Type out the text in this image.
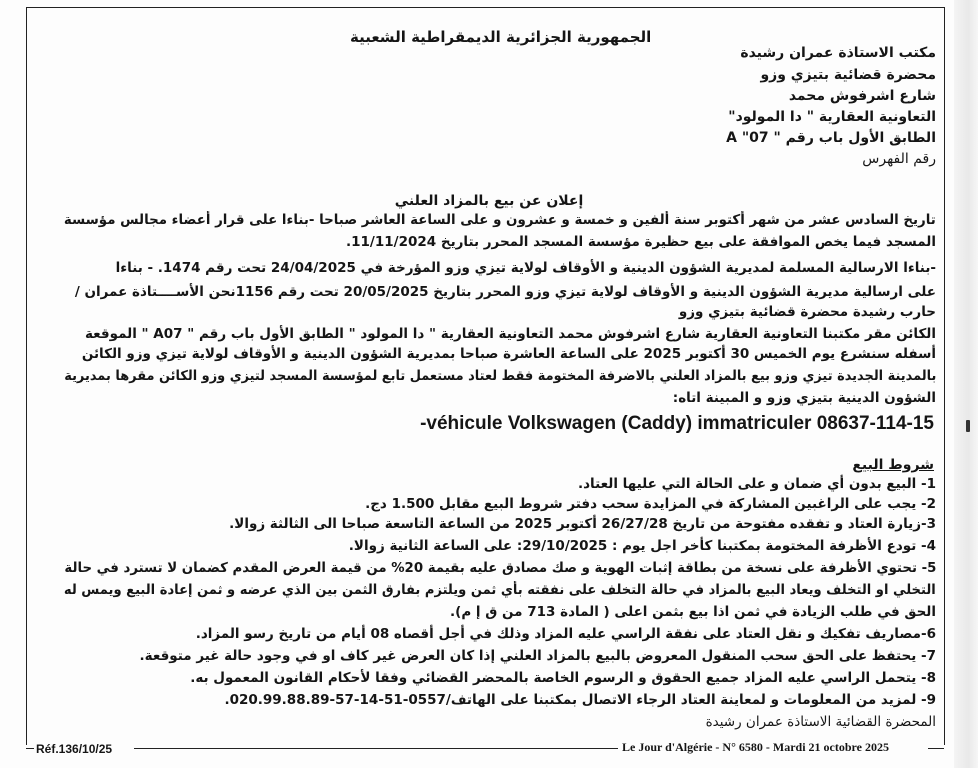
الجمهورية الجزائرية الديمقراطية الشعبية
مكتب الاستاذة عمران رشيدة
محضرة قضائية بتيزي وزو
شارع اشرفوش محمد
التعاونية العقارية " دا المولود"
الطابق الأول باب رقم " 07" A
رقم الفهرس
إعلان عن بيع بالمزاد العلني
تاريخ السادس عشر من شهر أكتوبر سنة ألفين و خمسة و عشرون و على الساعة العاشر صباحا -بناءا على قرار أعضاء مجالس مؤسسة
المسجد فيما يخص الموافقة على بيع حظيرة مؤسسة المسجد المحرر بتاريخ 11/11/2024.
-بناءا الارسالية المسلمة لمديرية الشؤون الدينية و الأوقاف لولاية تيزي وزو المؤرخة في 24/04/2025 تحت رقم 1474. - بناءا
على ارسالية مديرية الشؤون الدينية و الأوقاف لولاية تيزي وزو المحرر بتاريخ 20/05/2025 تحت رقم 1156نحن الأســــتاذة عمران /
حارب رشيدة محضرة قضائية بتيزي وزو
الكائن مقر مكتبنا التعاونية العقارية شارع اشرفوش محمد التعاونية العقارية " دا المولود " الطابق الأول باب رقم " A07 " الموقعة
أسفله سنشرع يوم الخميس 30 أكتوبر 2025 على الساعة العاشرة صباحا بمديرية الشؤون الدينية و الأوقاف لولاية تيزي وزو الكائن
بالمدينة الجديدة تيزي وزو بيع بالمزاد العلني بالاضرفة المختومة فقط لعتاد مستعمل تابع لمؤسسة المسجد لتيزي وزو الكائن مقرها بمديرية
الشؤون الدينية بتيزي وزو و المبينة اتاه:
-véhicule Volkswagen (Caddy) immatriculer 08637-114-15
شروط البيع
1- البيع بدون أي ضمان و على الحالة التي عليها العتاد.
2- يجب على الراغبين المشاركة في المزايدة سحب دفتر شروط البيع مقابل 1.500 دج.
3-زيارة العتاد و تفقده مفتوحة من تاريخ 26/27/28 أكتوبر 2025 من الساعة التاسعة صباحا الى الثالثة زوالا.
4- تودع الأظرفة المختومة بمكتبنا كأخر اجل يوم : 29/10/2025: على الساعة الثانية زوالا.
5- تحتوي الأظرفة على نسخة من بطاقة إثبات الهوية و صك مصادق عليه بقيمة 20% من قيمة العرض المقدم كضمان لا تسترد في حالة
التخلي او التخلف ويعاد البيع بالمزاد في حالة التخلف على نفقته بأي ثمن ويلتزم بفارق الثمن بين الذي عرضه و ثمن إعادة البيع ويمس له
الحق في طلب الزيادة في ثمن اذا بيع بثمن اعلى ( المادة 713 من ق إ م).
6-مصاريف تفكيك و نقل العتاد على نفقة الراسي عليه المزاد وذلك في أجل أقصاه 08 أيام من تاريخ رسو المزاد.
7- يحتفظ على الحق سحب المنقول المعروض بالبيع بالمزاد العلني إذا كان العرض غير كاف او في وجود حالة غير متوقعة.
8- يتحمل الراسي عليه المزاد جميع الحقوق و الرسوم الخاصة بالمحضر القضائي وفقا لأحكام القانون المعمول به.
9- لمزيد من المعلومات و لمعاينة العتاد الرجاء الاتصال بمكتبنا على الهاتف/0557-51-14-57-020.99.88.89.
المحضرة القضائية الاستاذة عمران رشيدة
Réf.136/10/25	Le Jour d'Algérie - N° 6580 - Mardi 21 octobre 2025
